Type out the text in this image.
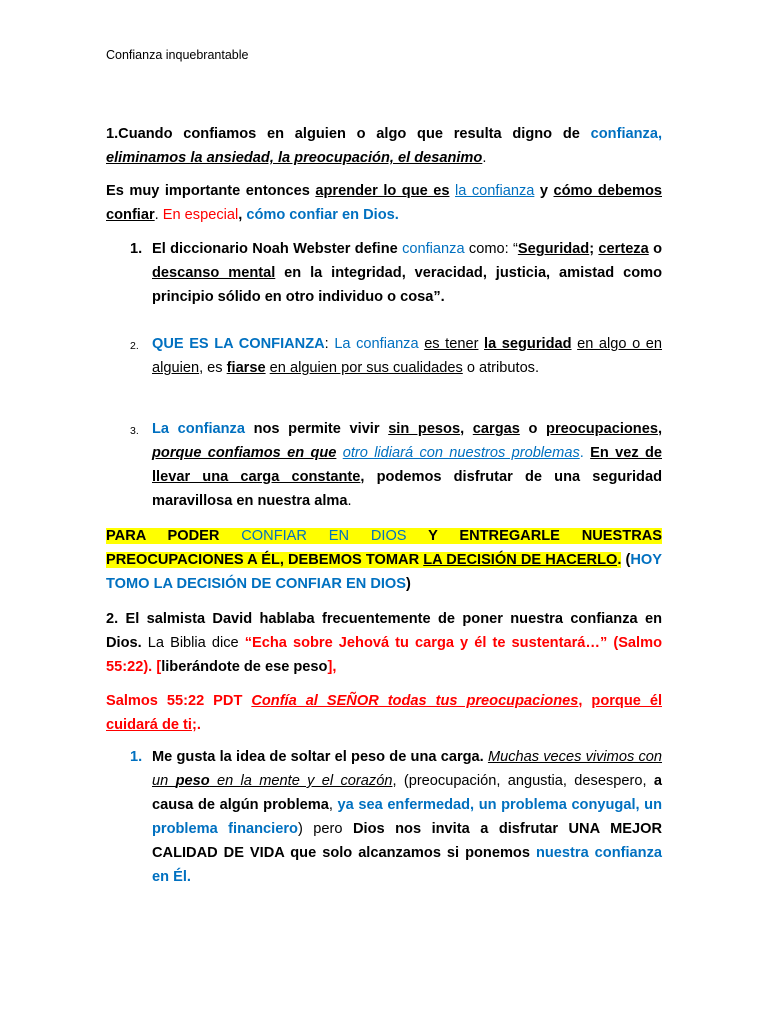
Confianza inquebrantable
1.Cuando confiamos en alguien o algo que resulta digno de confianza, eliminamos la ansiedad, la preocupación, el desanimo.
Es muy importante entonces aprender lo que es la confianza y cómo debemos confiar. En especial, cómo confiar en Dios.
1. El diccionario Noah Webster define confianza como: “Seguridad; certeza o descanso mental en la integridad, veracidad, justicia, amistad como principio sólido en otro individuo o cosa”.
2. QUE ES LA CONFIANZA: La confianza es tener la seguridad en algo o en alguien, es fiarse en alguien por sus cualidades o atributos.
3. La confianza nos permite vivir sin pesos, cargas o preocupaciones, porque confiamos en que otro lidiará con nuestros problemas. En vez de llevar una carga constante, podemos disfrutar de una seguridad maravillosa en nuestra alma.
PARA PODER CONFIAR EN DIOS Y ENTREGARLE NUESTRAS PREOCUPACIONES A ÉL, DEBEMOS TOMAR LA DECISIÓN DE HACERLO. (HOY TOMO LA DECISIÓN DE CONFIAR EN DIOS)
2. El salmista David hablaba frecuentemente de poner nuestra confianza en Dios. La Biblia dice “Echa sobre Jehová tu carga y él te sustentará…” (Salmo 55:22). [liberándote de ese peso],
Salmos 55:22 PDT Confía al SEÑOR todas tus preocupaciones, porque él cuidará de ti;.
1. Me gusta la idea de soltar el peso de una carga. Muchas veces vivimos con un peso en la mente y el corazón, (preocupación, angustia, desespero, a causa de algún problema, ya sea enfermedad, un problema conyugal, un problema financiero) pero Dios nos invita a disfrutar UNA MEJOR CALIDAD DE VIDA que solo alcanzamos si ponemos nuestra confianza en Él.
